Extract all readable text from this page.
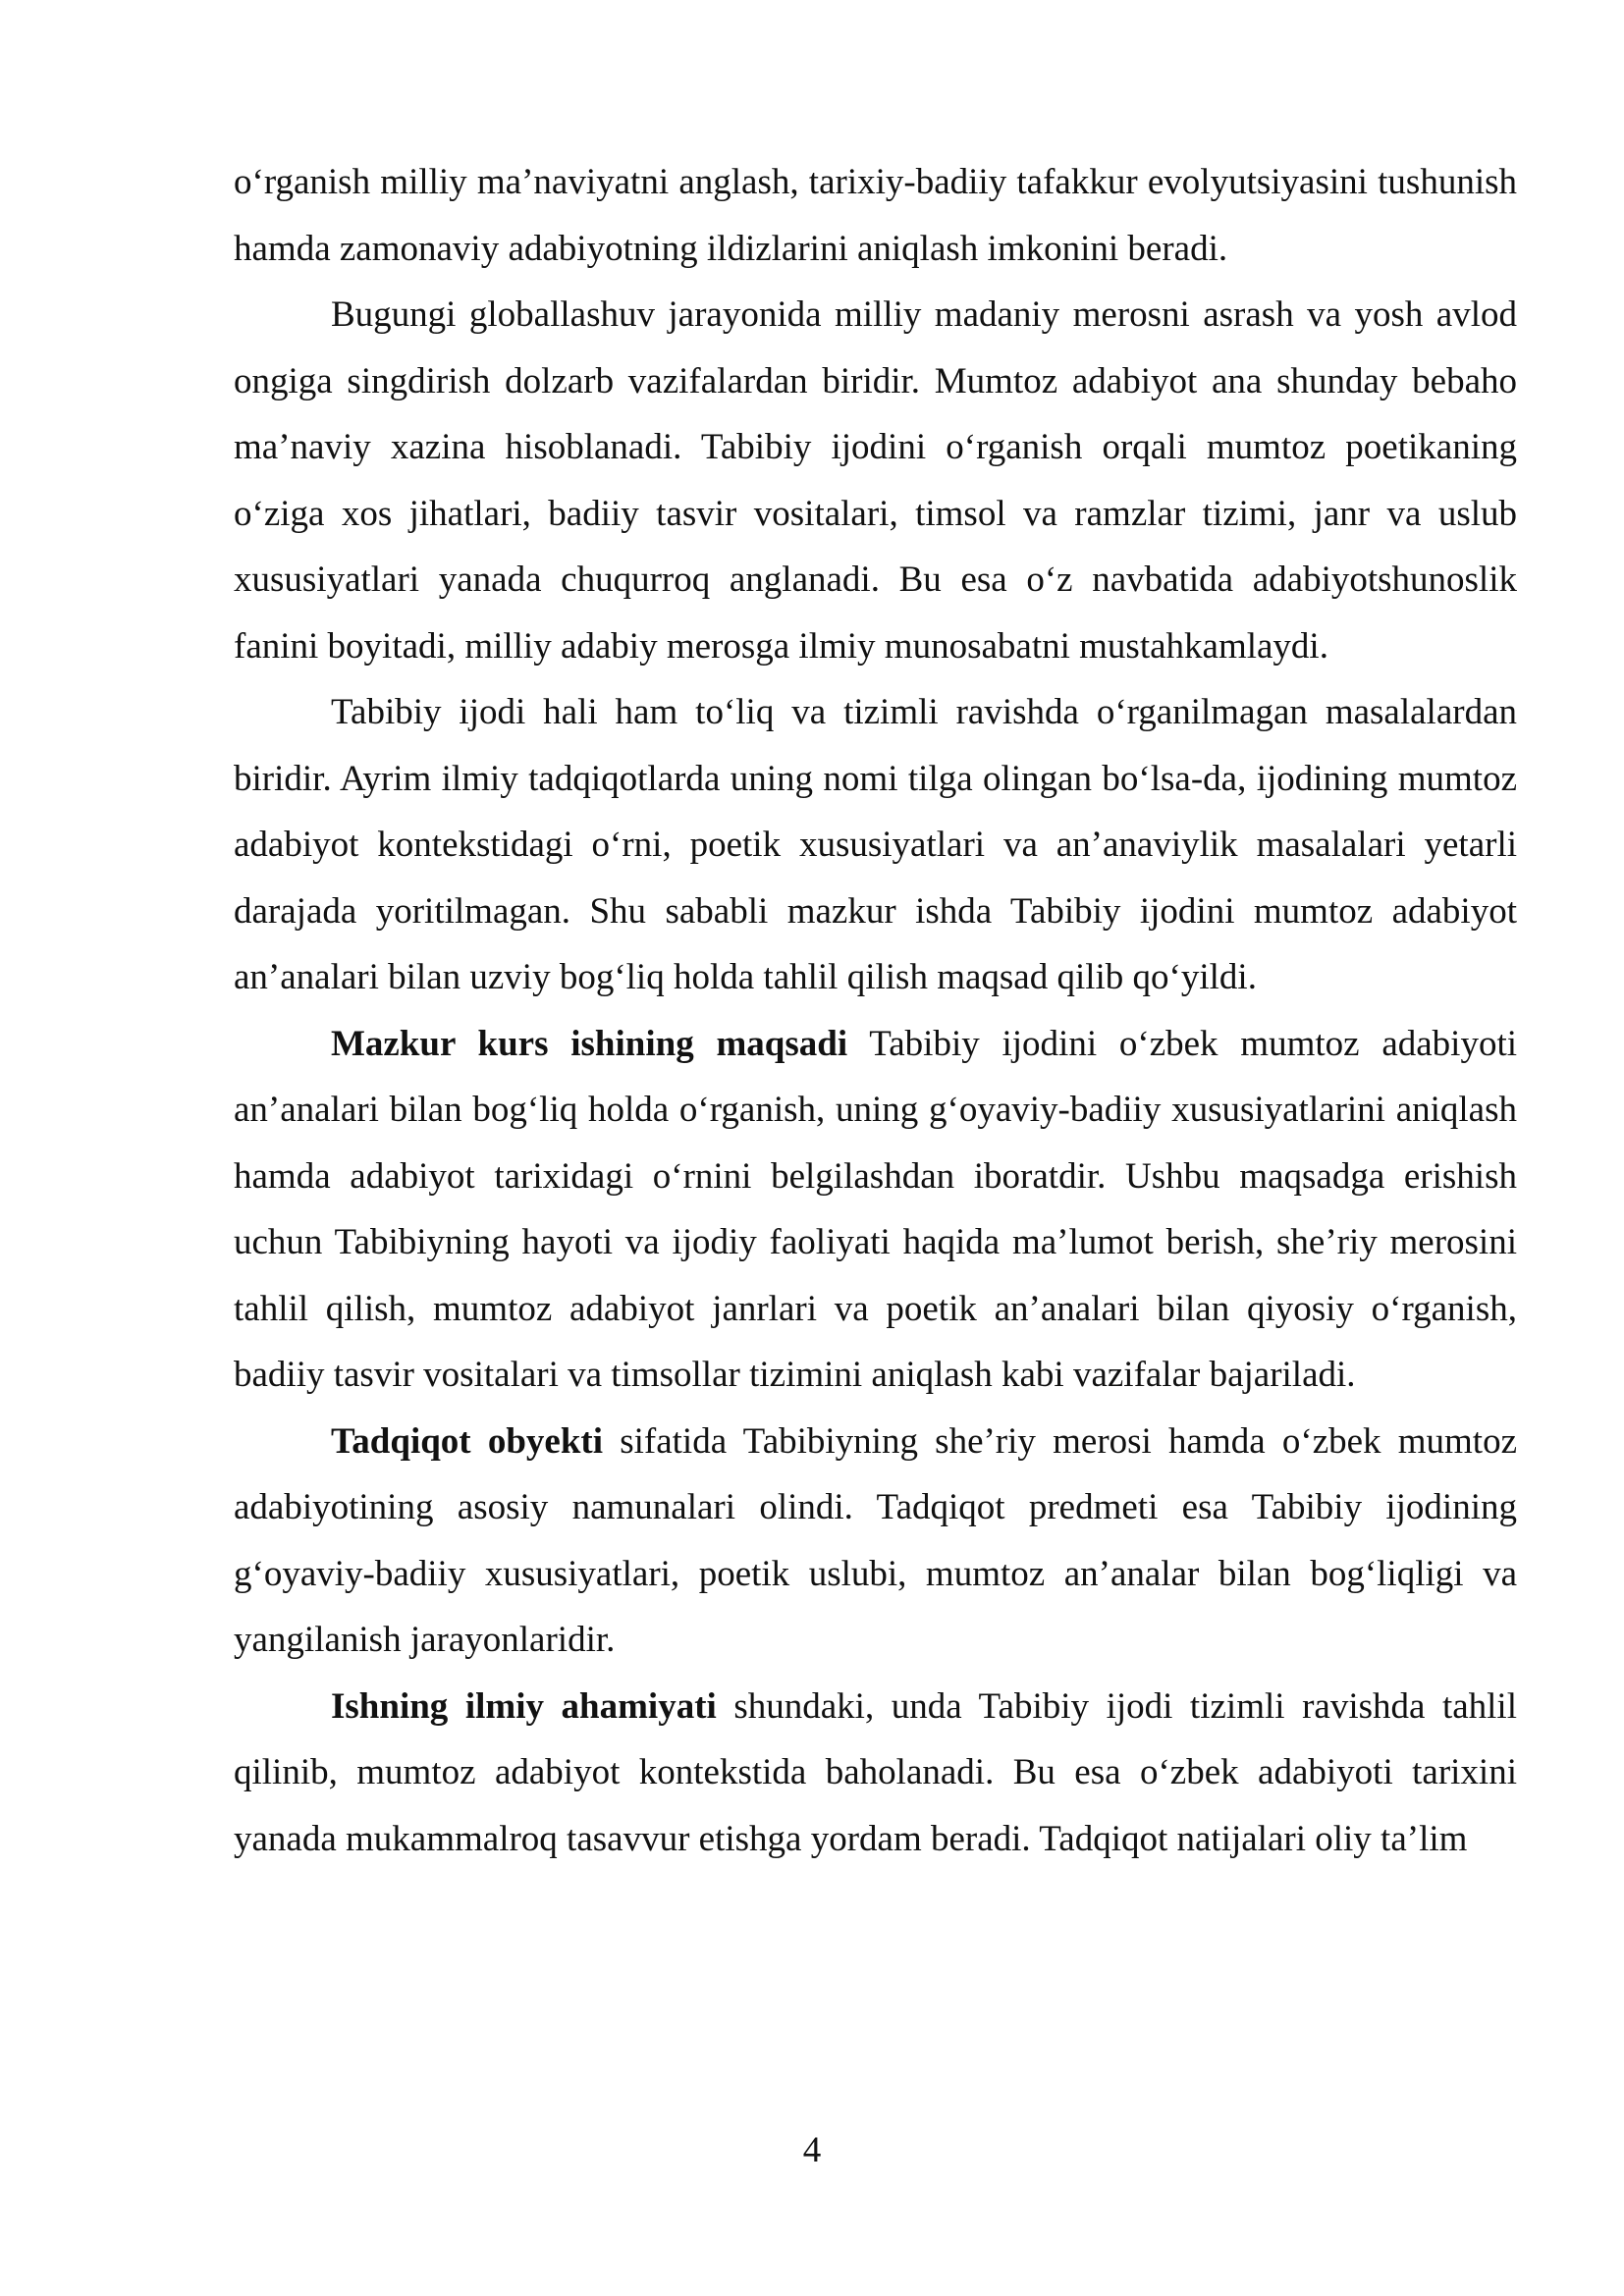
o‘rganish milliy ma’naviyatni anglash, tarixiy-badiiy tafakkur evolyutsiyasini tushunish hamda zamonaviy adabiyotning ildizlarini aniqlash imkonini beradi.

Bugungi globallashuv jarayonida milliy madaniy merosni asrash va yosh avlod ongiga singdirish dolzarb vazifalardan biridir. Mumtoz adabiyot ana shunday bebaho ma’naviy xazina hisoblanadi. Tabibiy ijodini o‘rganish orqali mumtoz poetikaning o‘ziga xos jihatlari, badiiy tasvir vositalari, timsol va ramzlar tizimi, janr va uslub xususiyatlari yanada chuqurroq anglanadi. Bu esa o‘z navbatida adabiyotshunoslik fanini boyitadi, milliy adabiy merosga ilmiy munosabatni mustahkamlaydi.

Tabibiy ijodi hali ham to‘liq va tizimli ravishda o‘rganilmagan masalalardan biridir. Ayrim ilmiy tadqiqotlarda uning nomi tilga olingan bo‘lsa-da, ijodining mumtoz adabiyot kontekstidagi o‘rni, poetik xususiyatlari va an’anaviylik masalalari yetarli darajada yoritilmagan. Shu sababli mazkur ishda Tabibiy ijodini mumtoz adabiyot an’analari bilan uzviy bog‘liq holda tahlil qilish maqsad qilib qo‘yildi.

Mazkur kurs ishining maqsadi Tabibiy ijodini o‘zbek mumtoz adabiyoti an’analari bilan bog‘liq holda o‘rganish, uning g‘oyaviy-badiiy xususiyatlarini aniqlash hamda adabiyot tarixidagi o‘rnini belgilashdan iboratdir. Ushbu maqsadga erishish uchun Tabibiyning hayoti va ijodiy faoliyati haqida ma’lumot berish, she’riy merosini tahlil qilish, mumtoz adabiyot janrlari va poetik an’analari bilan qiyosiy o‘rganish, badiiy tasvir vositalari va timsollar tizimini aniqlash kabi vazifalar bajariladi.

Tadqiqot obyekti sifatida Tabibiyning she’riy merosi hamda o‘zbek mumtoz adabiyotining asosiy namunalari olindi. Tadqiqot predmeti esa Tabibiy ijodining g‘oyaviy-badiiy xususiyatlari, poetik uslubi, mumtoz an’analar bilan bog‘liqligi va yangilanish jarayonlaridir.

Ishning ilmiy ahamiyati shundaki, unda Tabibiy ijodi tizimli ravishda tahlil qilinib, mumtoz adabiyot kontekstida baholanadi. Bu esa o‘zbek adabiyoti tarixini yanada mukammalroq tasavvur etishga yordam beradi. Tadqiqot natijalari oliy ta’lim

4
